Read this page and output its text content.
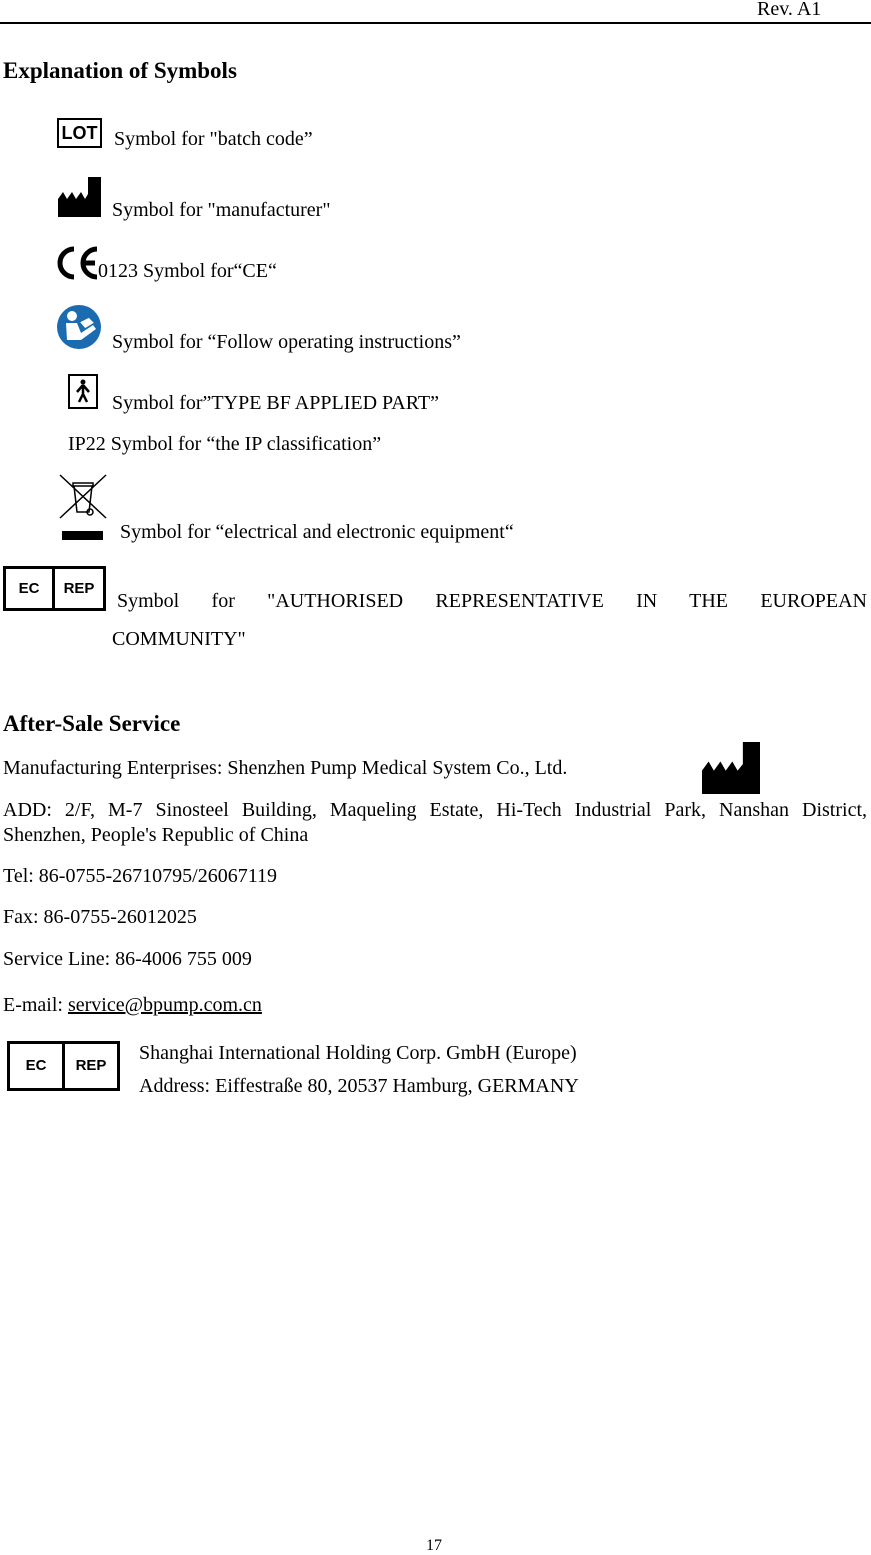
Rev. A1
Explanation of Symbols
LOT Symbol for "batch code”
Symbol for "manufacturer"
0123 Symbol for“CE“
Symbol for “Follow operating instructions”
Symbol for”TYPE BF APPLIED PART”
IP22 Symbol for “the IP classification”
Symbol for “electrical and electronic equipment“
EC	REP
Symbol for "AUTHORISED REPRESENTATIVE IN THE EUROPEAN
COMMUNITY"
After-Sale Service
Manufacturing Enterprises: Shenzhen Pump Medical System Co., Ltd.
ADD: 2/F, M-7 Sinosteel Building, Maqueling Estate, Hi-Tech Industrial Park, Nanshan District,
Shenzhen, People's Republic of China
Tel: 86-0755-26710795/26067119
Fax: 86-0755-26012025
Service Line: 86-4006 755 009
E-mail: service@bpump.com.cn
EC	REP
Shanghai International Holding Corp. GmbH (Europe)
Address: Eiffestraße 80, 20537 Hamburg, GERMANY
17
